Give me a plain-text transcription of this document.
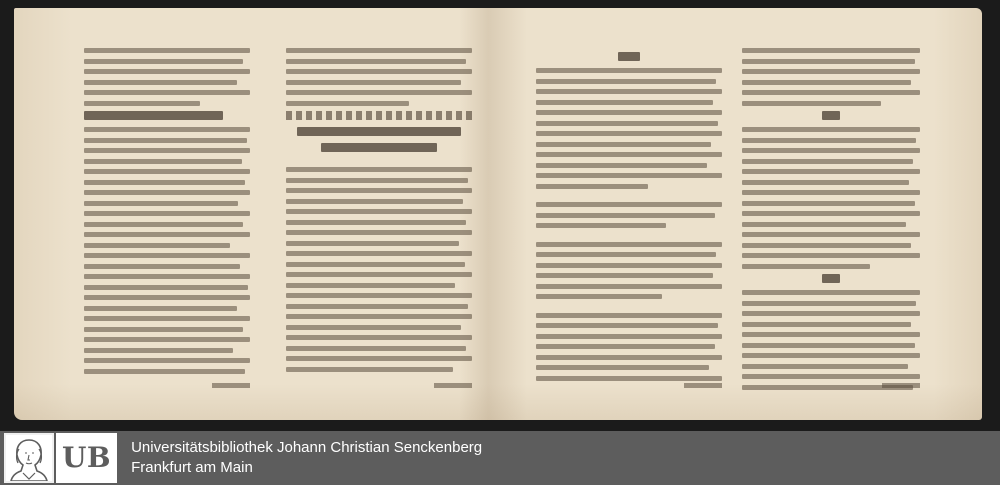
UB	Universitätsbibliothek Johann Christian Senckenberg
Frankfurt am Main
